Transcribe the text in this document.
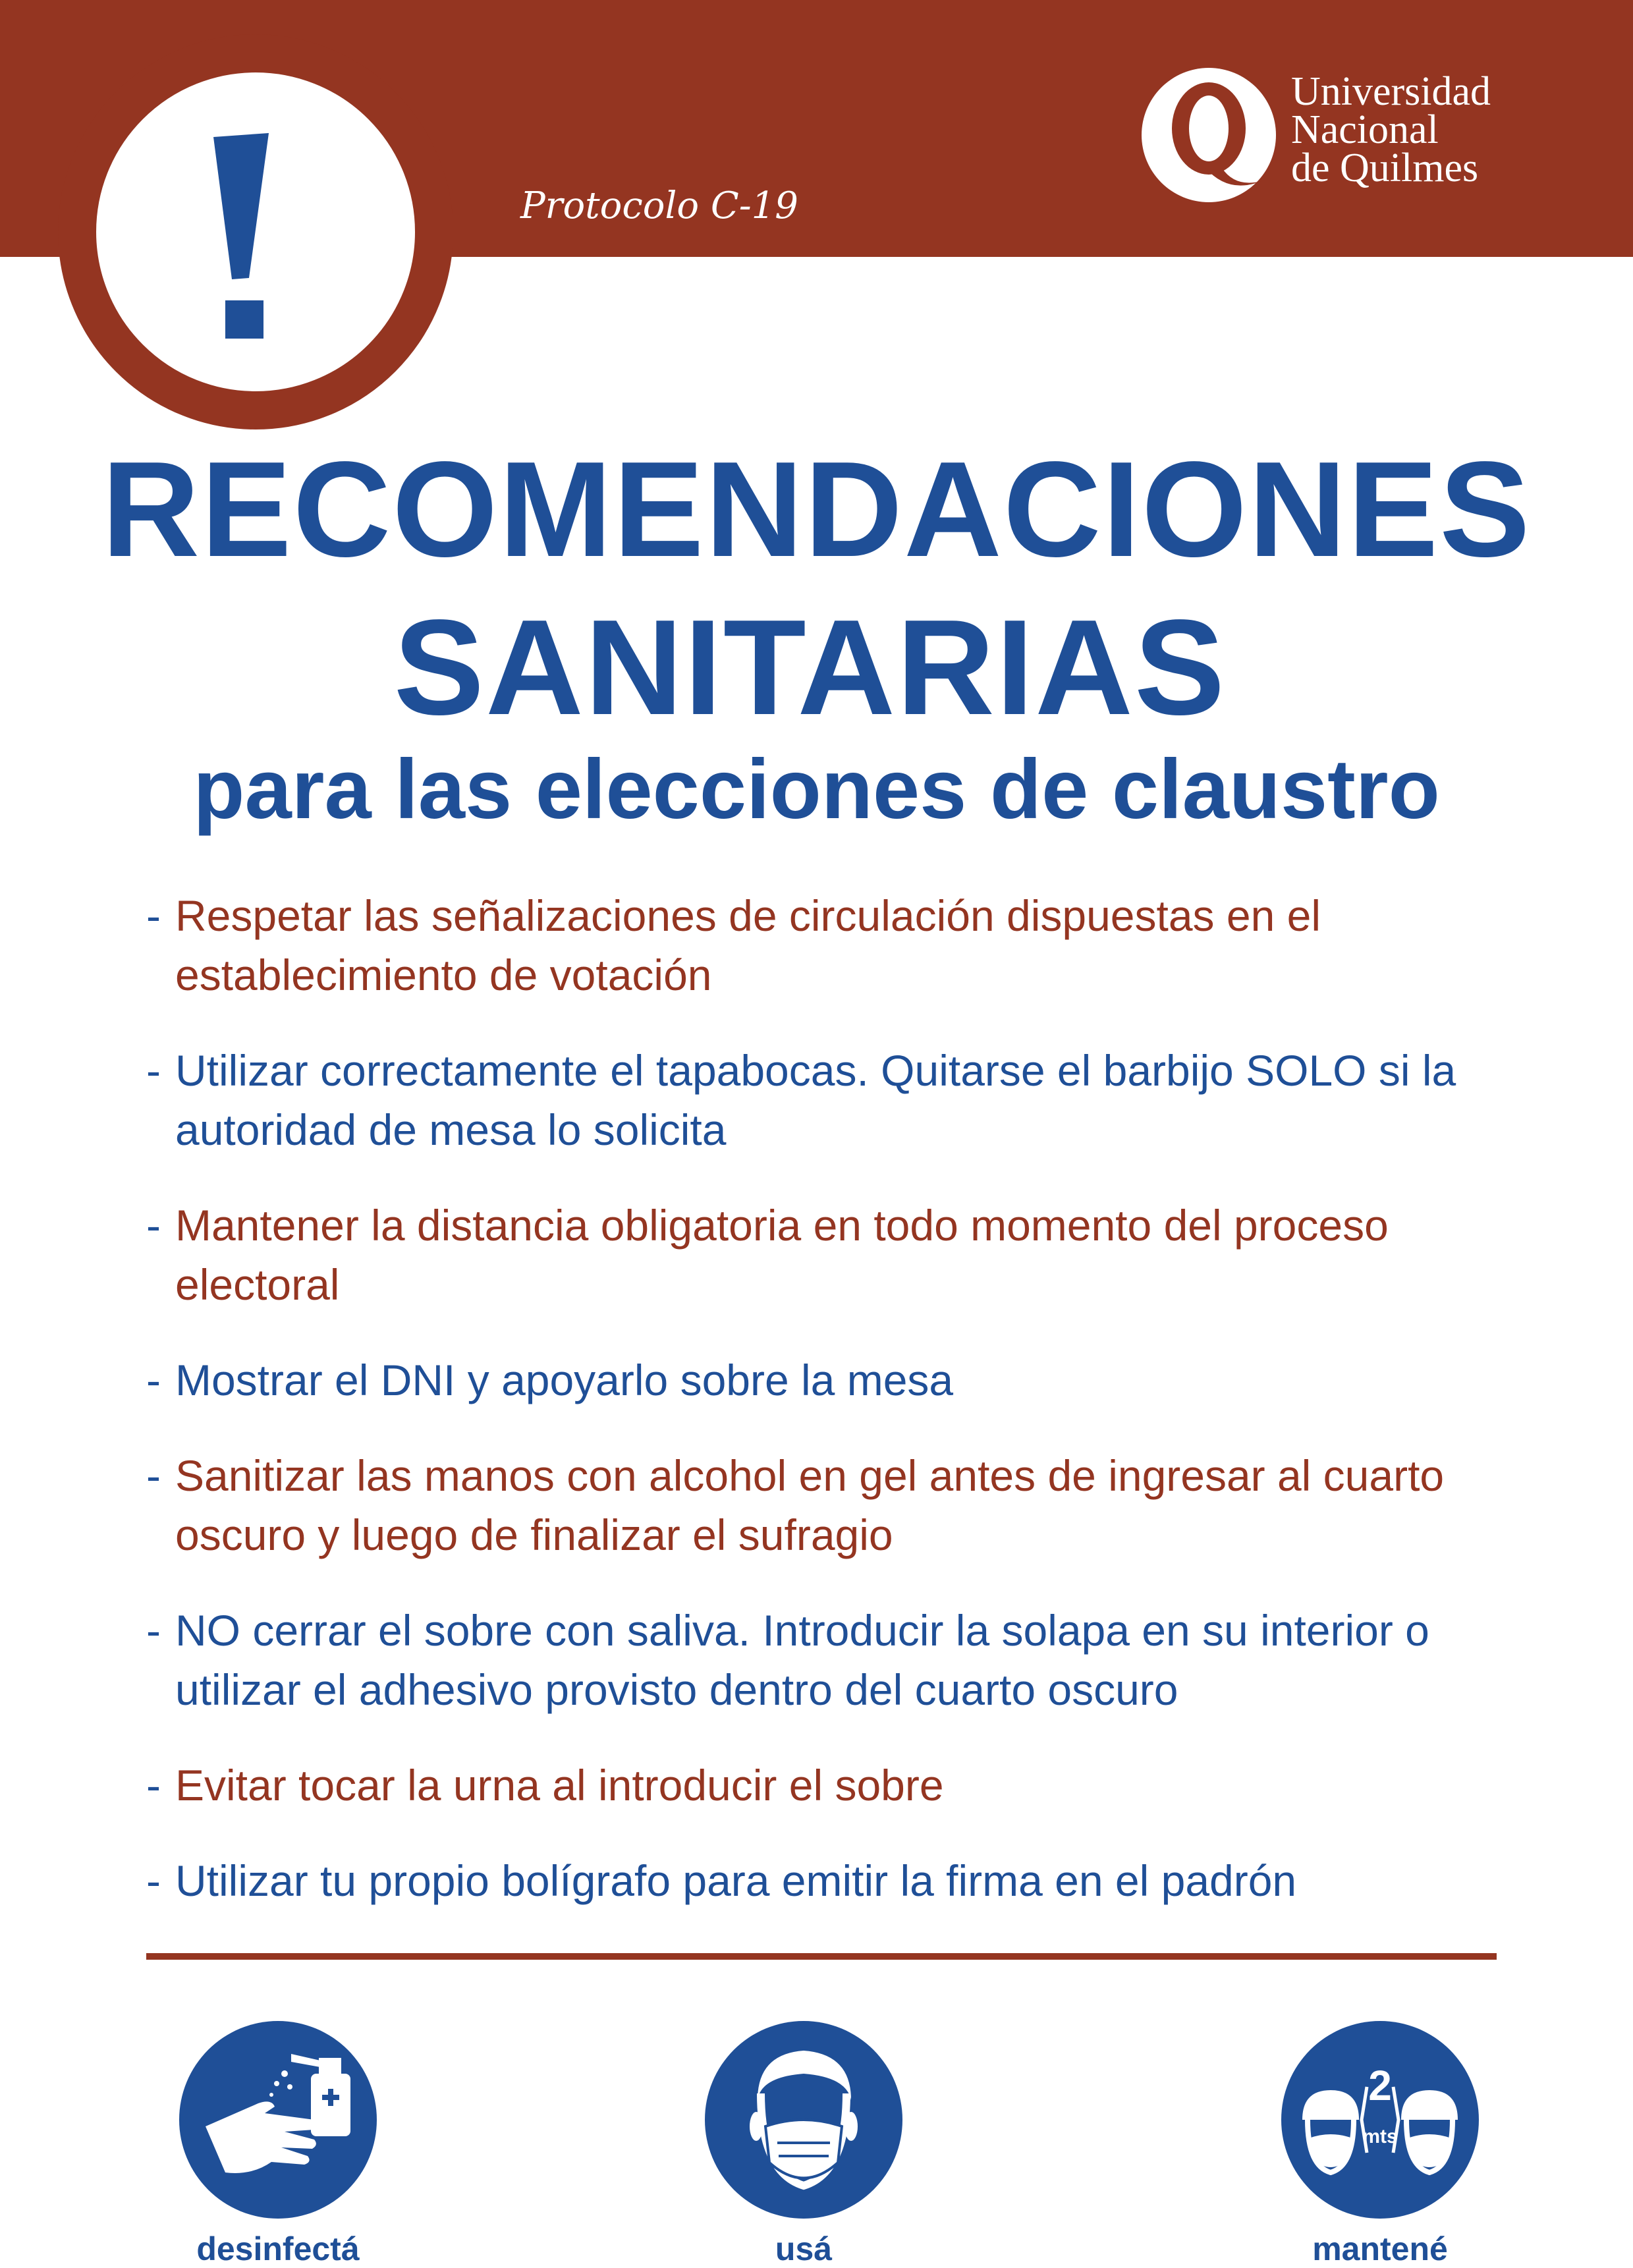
Protocolo C-19
Universidad
Nacional
de Quilmes
RECOMENDACIONES
SANITARIAS
para las elecciones de claustro
- Respetar las señalizaciones de circulación dispuestas en el establecimiento de votación
- Utilizar correctamente el tapabocas. Quitarse el barbijo SOLO si la autoridad de mesa lo solicita
- Mantener la distancia obligatoria en todo momento del proceso electoral
- Mostrar el DNI y apoyarlo sobre la mesa
- Sanitizar las manos con alcohol en gel antes de ingresar al cuarto oscuro y luego de finalizar el sufragio
- NO cerrar el sobre con saliva. Introducir la solapa en su interior o utilizar el adhesivo provisto dentro del cuarto oscuro
- Evitar tocar la urna al introducir el sobre
- Utilizar tu propio bolígrafo para emitir la firma en el padrón
desinfectá	usá
2
mts
mantené
